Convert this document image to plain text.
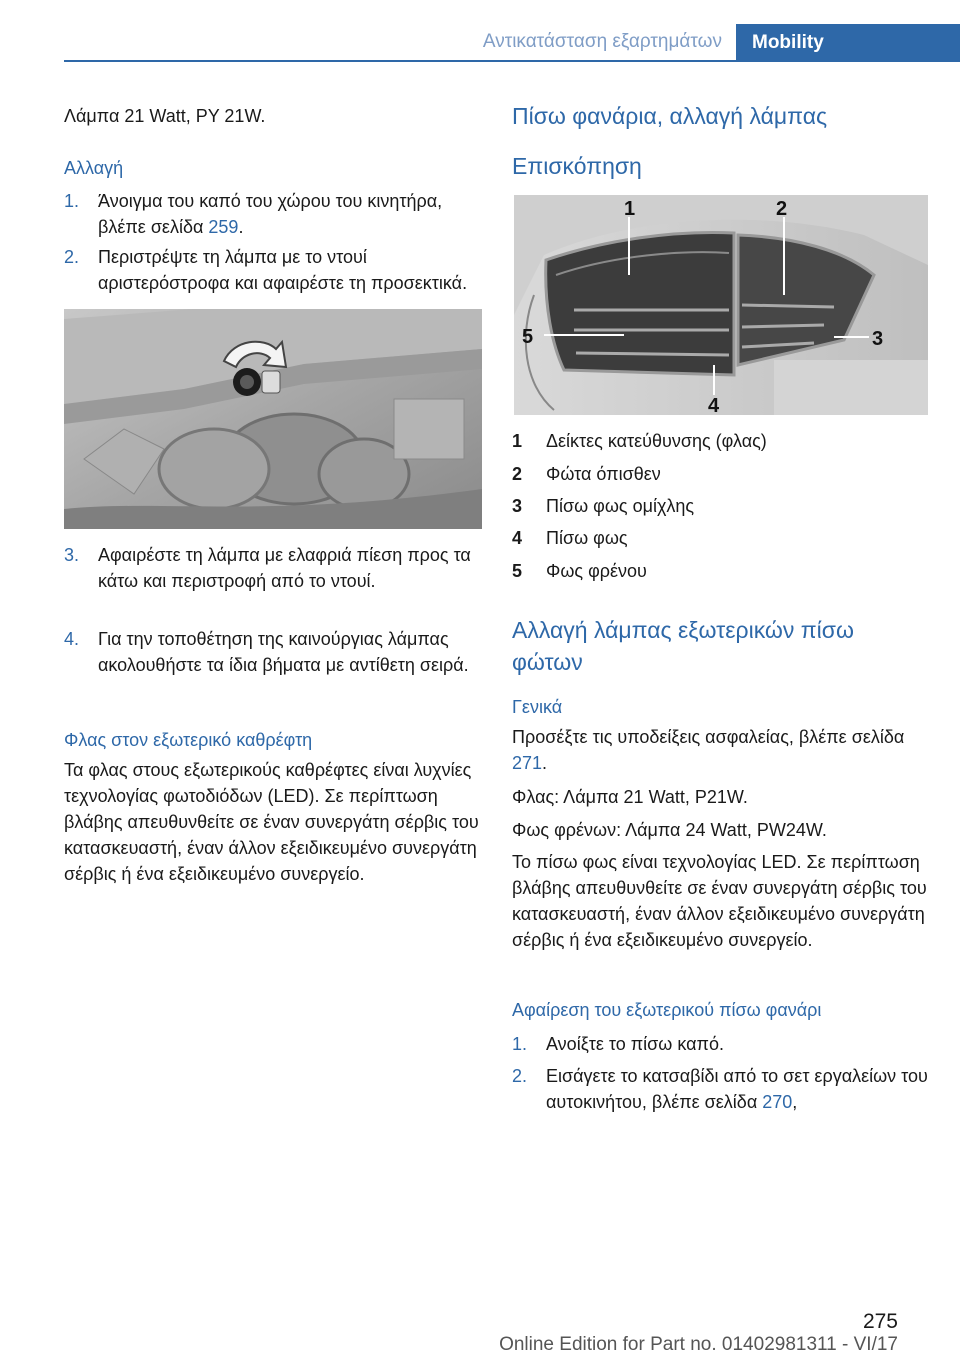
Αντικατάσταση εξαρτημάτων	Mobility
Λάμπα 21 Watt, PY 21W.
Αλλαγή
1.	Άνοιγμα του καπό του χώρου του κινητήρα, βλέπε σελίδα 259.
2.	Περιστρέψτε τη λάμπα με το ντουί αριστερόστροφα και αφαιρέστε τη προσεκτικά.
3.	Αφαιρέστε τη λάμπα με ελαφριά πίεση προς τα κάτω και περιστροφή από το ντουί.
4.	Για την τοποθέτηση της καινούργιας λάμπας ακολουθήστε τα ίδια βήματα με αντίθετη σειρά.
Φλας στον εξωτερικό καθρέφτη
Τα φλας στους εξωτερικούς καθρέφτες είναι λυχνίες τεχνολογίας φωτοδιόδων (LED). Σε περίπτωση βλάβης απευθυνθείτε σε έναν συνεργάτη σέρβις του κατασκευαστή, έναν άλλον εξειδικευμένο συνεργάτη σέρβις ή ένα εξειδικευμένο συνεργείο.
Πίσω φανάρια, αλλαγή λάμπας
Επισκόπηση
1	2
3
4
5
1	Δείκτες κατεύθυνσης (φλας)
2	Φώτα όπισθεν
3	Πίσω φως ομίχλης
4	Πίσω φως
5	Φως φρένου
Αλλαγή λάμπας εξωτερικών πίσω φώτων
Γενικά
Προσέξτε τις υποδείξεις ασφαλείας, βλέπε σελίδα 271.
Φλας: Λάμπα 21 Watt, P21W.
Φως φρένων: Λάμπα 24 Watt, PW24W.
Το πίσω φως είναι τεχνολογίας LED. Σε περίπτωση βλάβης απευθυνθείτε σε έναν συνεργάτη σέρβις του κατασκευαστή, έναν άλλον εξειδικευμένο συνεργάτη σέρβις ή ένα εξειδικευμένο συνεργείο.
Αφαίρεση του εξωτερικού πίσω φανάρι
1.	Ανοίξτε το πίσω καπό.
2.	Εισάγετε το κατσαβίδι από το σετ εργαλείων του αυτοκινήτου, βλέπε σελίδα 270,
275
Online Edition for Part no. 01402981311 - VI/17
